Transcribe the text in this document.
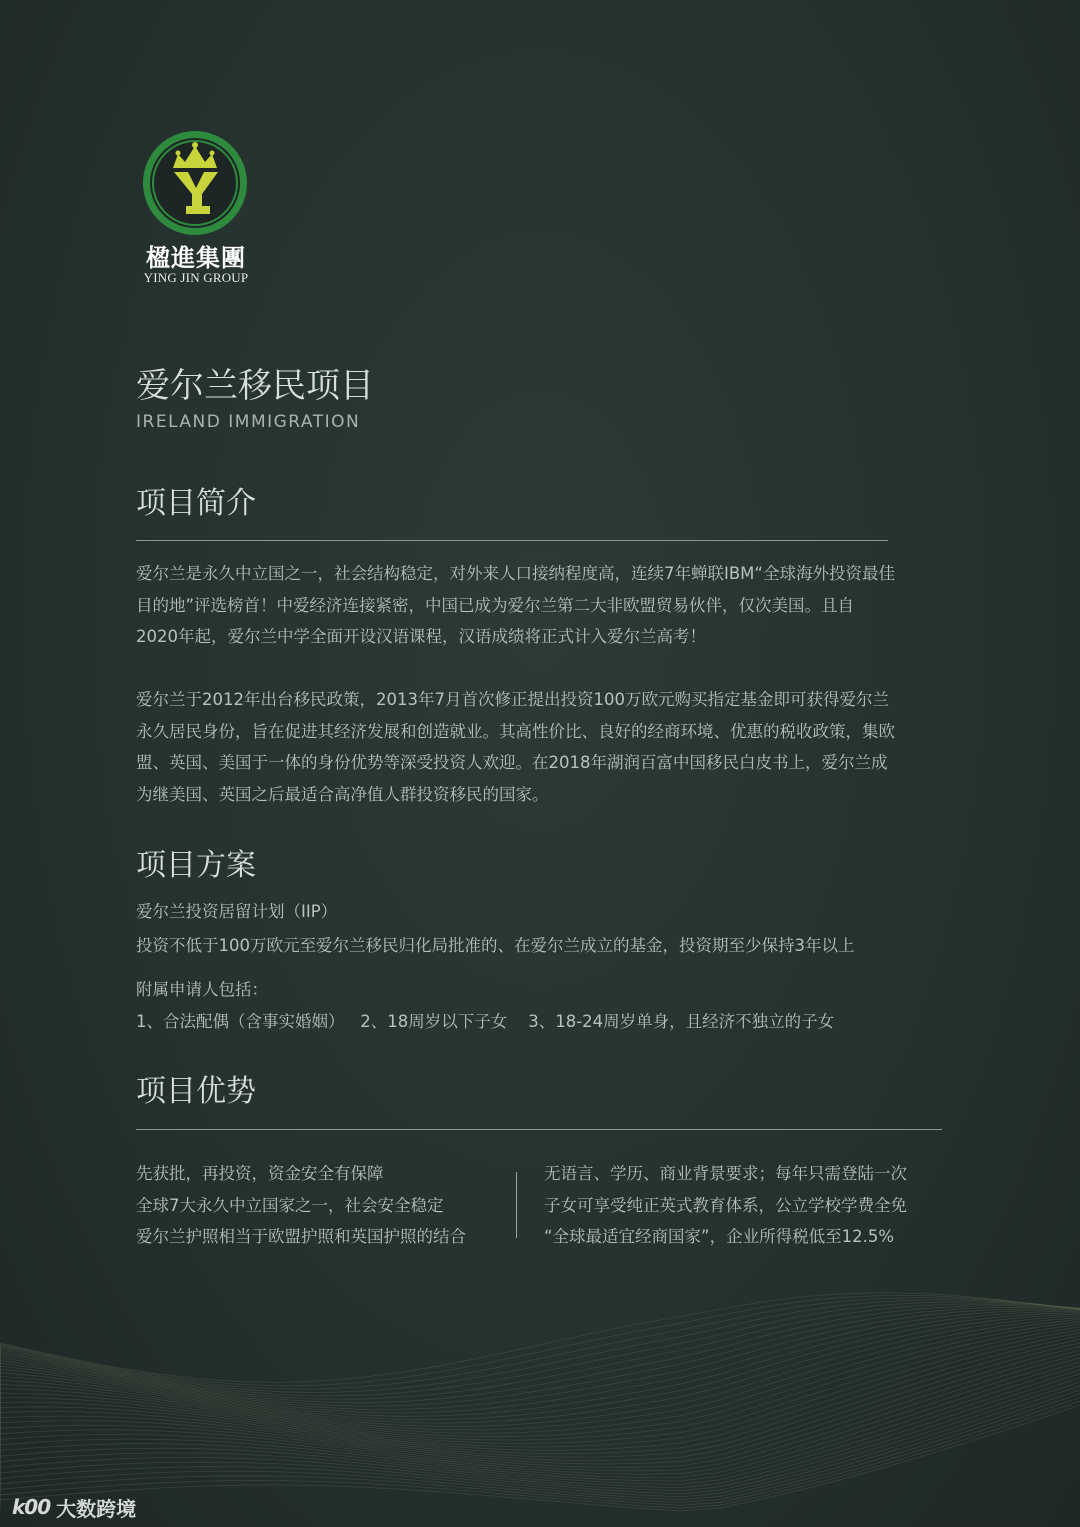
楹進集團
YING JIN GROUP
爱尔兰移民项目
IRELAND IMMIGRATION
项目简介

爱尔兰是永久中立国之一，社会结构稳定，对外来人口接纳程度高，连续7年蝉联IBM“全球海外投资最佳目的地”评选榜首！中爱经济连接紧密，中国已成为爱尔兰第二大非欧盟贸易伙伴，仅次美国。且自2020年起，爱尔兰中学全面开设汉语课程，汉语成绩将正式计入爱尔兰高考！

爱尔兰于2012年出台移民政策，2013年7月首次修正提出投资100万欧元购买指定基金即可获得爱尔兰永久居民身份，旨在促进其经济发展和创造就业。其高性价比、良好的经商环境、优惠的税收政策，集欧盟、英国、美国于一体的身份优势等深受投资人欢迎。在2018年湖润百富中国移民白皮书上，爱尔兰成为继美国、英国之后最适合高净值人群投资移民的国家。

项目方案
爱尔兰投资居留计划（IIP）
投资不低于100万欧元至爱尔兰移民归化局批准的、在爱尔兰成立的基金，投资期至少保持3年以上
附属申请人包括：
1、合法配偶（含事实婚姻）   2、18周岁以下子女    3、18-24周岁单身，且经济不独立的子女
项目优势
先获批，再投资，资金安全有保障
全球7大永久中立国家之一，社会安全稳定
爱尔兰护照相当于欧盟护照和英国护照的结合
无语言、学历、商业背景要求；每年只需登陆一次
子女可享受纯正英式教育体系，公立学校学费全免
“全球最适宜经商国家”，企业所得税低至12.5%
k00 大数跨境
